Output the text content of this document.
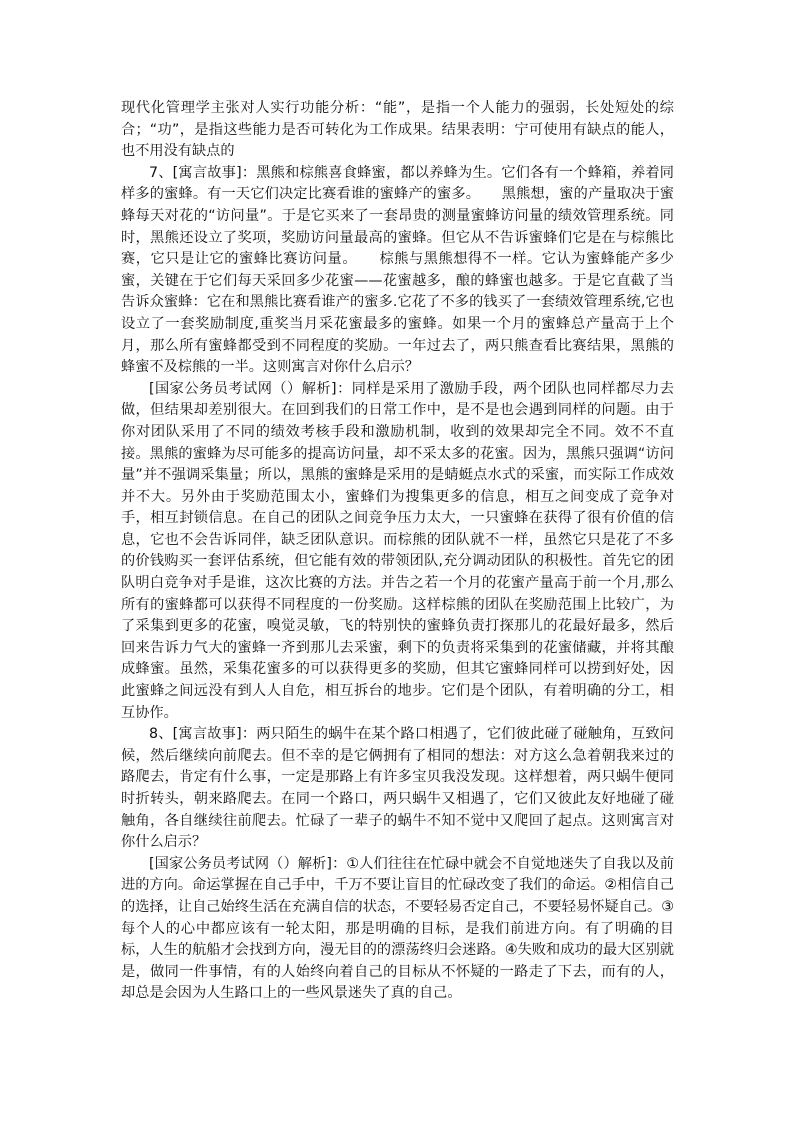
现代化管理学主张对人实行功能分析：“能”，是指一个人能力的强弱，长处短处的综合；“功”，是指这些能力是否可转化为工作成果。结果表明：宁可使用有缺点的能人，也不用没有缺点的

7、[寓言故事]：黑熊和棕熊喜食蜂蜜，都以养蜂为生。它们各有一个蜂箱，养着同样多的蜜蜂。有一天它们决定比赛看谁的蜜蜂产的蜜多。　　黑熊想，蜜的产量取决于蜜蜂每天对花的“访问量”。于是它买来了一套昂贵的测量蜜蜂访问量的绩效管理系统。同时，黑熊还设立了奖项，奖励访问量最高的蜜蜂。但它从不告诉蜜蜂们它是在与棕熊比赛，它只是让它的蜜蜂比赛访问量。　　棕熊与黑熊想得不一样。它认为蜜蜂能产多少蜜，关键在于它们每天采回多少花蜜——花蜜越多，酿的蜂蜜也越多。于是它直截了当告诉众蜜蜂：它在和黑熊比赛看谁产的蜜多.它花了不多的钱买了一套绩效管理系统,它也设立了一套奖励制度,重奖当月采花蜜最多的蜜蜂。如果一个月的蜜蜂总产量高于上个月，那么所有蜜蜂都受到不同程度的奖励。一年过去了，两只熊查看比赛结果，黑熊的蜂蜜不及棕熊的一半。这则寓言对你什么启示？

[国家公务员考试网（）解析]：同样是采用了激励手段，两个团队也同样都尽力去做，但结果却差别很大。在回到我们的日常工作中，是不是也会遇到同样的问题。由于你对团队采用了不同的绩效考核手段和激励机制，收到的效果却完全不同。效不不直接。黑熊的蜜蜂为尽可能多的提高访问量，却不采太多的花蜜。因为，黑熊只强调“访问量”并不强调采集量；所以，黑熊的蜜蜂是采用的是蜻蜓点水式的采蜜，而实际工作成效并不大。另外由于奖励范围太小，蜜蜂们为搜集更多的信息，相互之间变成了竞争对手，相互封锁信息。在自己的团队之间竞争压力太大，一只蜜蜂在获得了很有价值的信息，它也不会告诉同伴，缺乏团队意识。而棕熊的团队就不一样，虽然它只是花了不多的价钱购买一套评估系统，但它能有效的带领团队,充分调动团队的积极性。首先它的团队明白竞争对手是谁，这次比赛的方法。并告之若一个月的花蜜产量高于前一个月,那么所有的蜜蜂都可以获得不同程度的一份奖励。这样棕熊的团队在奖励范围上比较广，为了采集到更多的花蜜，嗅觉灵敏，飞的特别快的蜜蜂负责打探那儿的花最好最多，然后回来告诉力气大的蜜蜂一齐到那儿去采蜜，剩下的负责将采集到的花蜜储藏，并将其酿成蜂蜜。虽然，采集花蜜多的可以获得更多的奖励，但其它蜜蜂同样可以捞到好处，因此蜜蜂之间远没有到人人自危，相互拆台的地步。它们是个团队，有着明确的分工，相互协作。

8、[寓言故事]：两只陌生的蜗牛在某个路口相遇了，它们彼此碰了碰触角，互致问候，然后继续向前爬去。但不幸的是它俩拥有了相同的想法：对方这么急着朝我来过的路爬去，肯定有什么事，一定是那路上有许多宝贝我没发现。这样想着，两只蜗牛便同时折转头，朝来路爬去。在同一个路口，两只蜗牛又相遇了，它们又彼此友好地碰了碰触角，各自继续往前爬去。忙碌了一辈子的蜗牛不知不觉中又爬回了起点。这则寓言对你什么启示？

[国家公务员考试网（）解析]：①人们往往在忙碌中就会不自觉地迷失了自我以及前进的方向。命运掌握在自己手中，千万不要让盲目的忙碌改变了我们的命运。②相信自己的选择，让自己始终生活在充满自信的状态，不要轻易否定自己，不要轻易怀疑自己。③每个人的心中都应该有一轮太阳，那是明确的目标，是我们前进方向。有了明确的目标，人生的航船才会找到方向，漫无目的的漂荡终归会迷路。④失败和成功的最大区别就是，做同一件事情，有的人始终向着自己的目标从不怀疑的一路走了下去，而有的人，却总是会因为人生路口上的一些风景迷失了真的自己。
